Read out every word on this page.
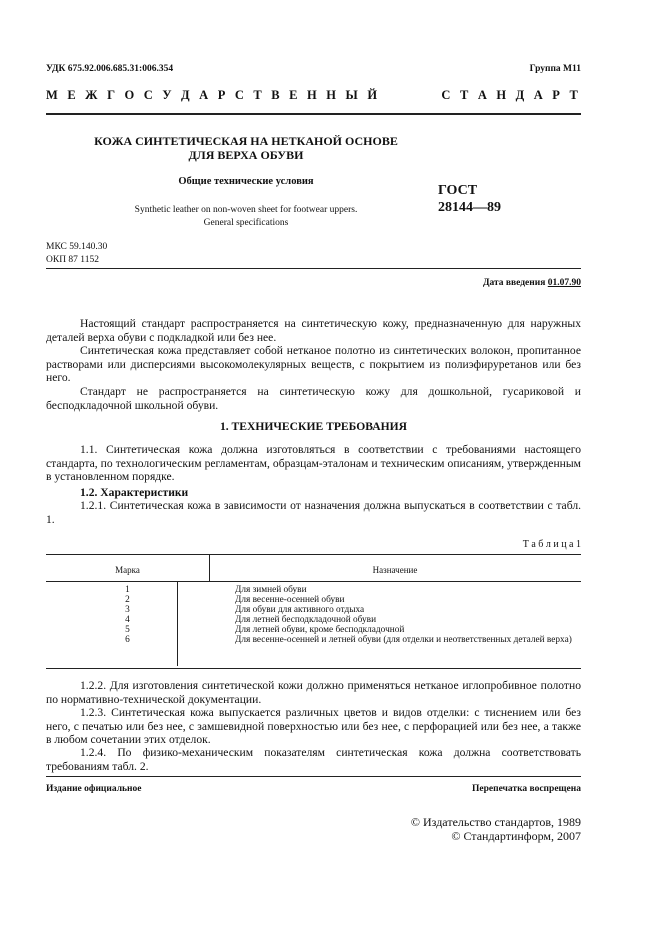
УДК 675.92.006.685.31:006.354	Группа М11
М Е Ж Г О С У Д А Р С Т В Е Н Н Ы Й	С Т А Н Д А Р Т
КОЖА СИНТЕТИЧЕСКАЯ НА НЕТКАНОЙ ОСНОВЕ
ДЛЯ ВЕРХА ОБУВИ
Общие технические условия
Synthetic leather on non-woven sheet for footwear uppers.
General specifications
ГОСТ
28144—89
МКС 59.140.30
ОКП 87 1152
Дата введения 01.07.90
Настоящий стандарт распространяется на синтетическую кожу, предназначенную для наружных деталей верха обуви с подкладкой или без нее.
Синтетическая кожа представляет собой нетканое полотно из синтетических волокон, пропитанное растворами или дисперсиями высокомолекулярных веществ, с покрытием из полиэфируретанов или без него.
Стандарт не распространяется на синтетическую кожу для дошкольной, гусариковой и бесподкладочной школьной обуви.
1. ТЕХНИЧЕСКИЕ ТРЕБОВАНИЯ
1.1. Синтетическая кожа должна изготовляться в соответствии с требованиями настоящего стандарта, по технологическим регламентам, образцам-эталонам и техническим описаниям, утвержденным в установленном порядке.
1.2. Характеристики
1.2.1. Синтетическая кожа в зависимости от назначения должна выпускаться в соответствии с табл. 1.
Т а б л и ц а 1
Марка	Назначение
1	Для зимней обуви
2	Для весенне-осенней обуви
3	Для обуви для активного отдыха
4	Для летней бесподкладочной обуви
5	Для летней обуви, кроме бесподкладочной
6	Для весенне-осенней и летней обуви (для отделки и неответственных деталей верха)
1.2.2. Для изготовления синтетической кожи должно применяться нетканое иглопробивное полотно по нормативно-технической документации.
1.2.3. Синтетическая кожа выпускается различных цветов и видов отделки: с тиснением или без него, с печатью или без нее, с замшевидной поверхностью или без нее, с перфорацией или без нее, а также в любом сочетании этих отделок.
1.2.4. По физико-механическим показателям синтетическая кожа должна соответствовать требованиям табл. 2.
Издание официальное	Перепечатка воспрещена
© Издательство стандартов, 1989
© Стандартинформ, 2007
